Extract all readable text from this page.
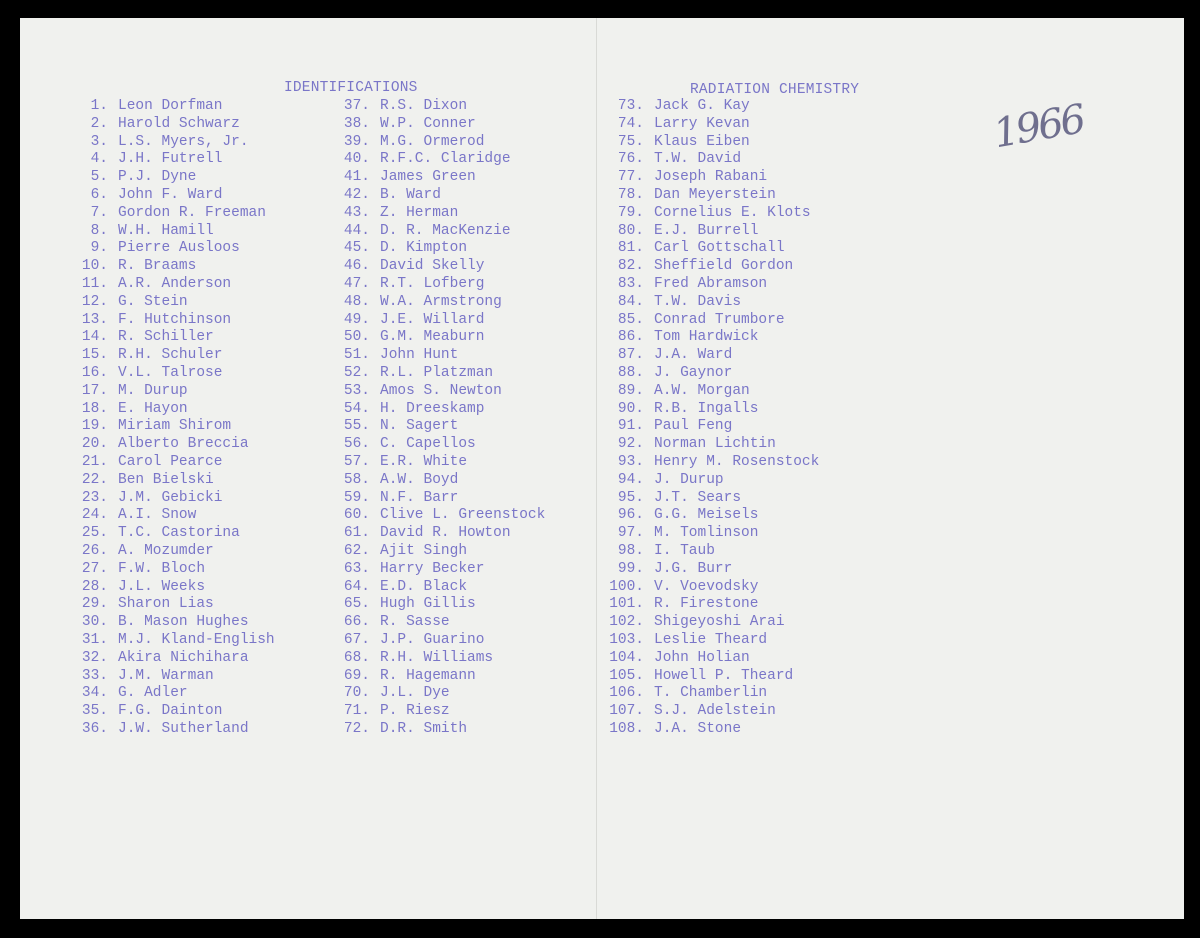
IDENTIFICATIONS	RADIATION CHEMISTRY
1966
1. Leon Dorfman
2. Harold Schwarz
3. L.S. Myers, Jr.
4. J.H. Futrell
5. P.J. Dyne
6. John F. Ward
7. Gordon R. Freeman
8. W.H. Hamill
9. Pierre Ausloos
10. R. Braams
11. A.R. Anderson
12. G. Stein
13. F. Hutchinson
14. R. Schiller
15. R.H. Schuler
16. V.L. Talrose
17. M. Durup
18. E. Hayon
19. Miriam Shirom
20. Alberto Breccia
21. Carol Pearce
22. Ben Bielski
23. J.M. Gebicki
24. A.I. Snow
25. T.C. Castorina
26. A. Mozumder
27. F.W. Bloch
28. J.L. Weeks
29. Sharon Lias
30. B. Mason Hughes
31. M.J. Kland-English
32. Akira Nichihara
33. J.M. Warman
34. G. Adler
35. F.G. Dainton
36. J.W. Sutherland
37. R.S. Dixon
38. W.P. Conner
39. M.G. Ormerod
40. R.F.C. Claridge
41. James Green
42. B. Ward
43. Z. Herman
44. D. R. MacKenzie
45. D. Kimpton
46. David Skelly
47. R.T. Lofberg
48. W.A. Armstrong
49. J.E. Willard
50. G.M. Meaburn
51. John Hunt
52. R.L. Platzman
53. Amos S. Newton
54. H. Dreeskamp
55. N. Sagert
56. C. Capellos
57. E.R. White
58. A.W. Boyd
59. N.F. Barr
60. Clive L. Greenstock
61. David R. Howton
62. Ajit Singh
63. Harry Becker
64. E.D. Black
65. Hugh Gillis
66. R. Sasse
67. J.P. Guarino
68. R.H. Williams
69. R. Hagemann
70. J.L. Dye
71. P. Riesz
72. D.R. Smith
73. Jack G. Kay
74. Larry Kevan
75. Klaus Eiben
76. T.W. David
77. Joseph Rabani
78. Dan Meyerstein
79. Cornelius E. Klots
80. E.J. Burrell
81. Carl Gottschall
82. Sheffield Gordon
83. Fred Abramson
84. T.W. Davis
85. Conrad Trumbore
86. Tom Hardwick
87. J.A. Ward
88. J. Gaynor
89. A.W. Morgan
90. R.B. Ingalls
91. Paul Feng
92. Norman Lichtin
93. Henry M. Rosenstock
94. J. Durup
95. J.T. Sears
96. G.G. Meisels
97. M. Tomlinson
98. I. Taub
99. J.G. Burr
100. V. Voevodsky
101. R. Firestone
102. Shigeyoshi Arai
103. Leslie Theard
104. John Holian
105. Howell P. Theard
106. T. Chamberlin
107. S.J. Adelstein
108. J.A. Stone
